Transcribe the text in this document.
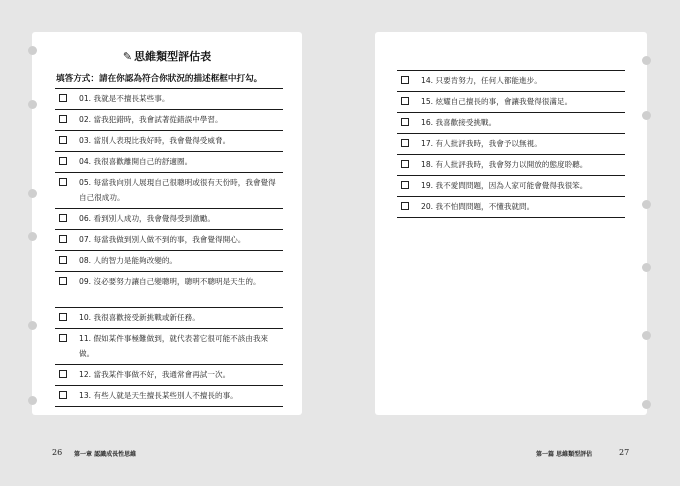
✎ 思維類型評估表
填答方式：請在你認為符合你狀況的描述框框中打勾。
01. 我就是不擅長某些事。
02. 當我犯錯時，我會試著從錯誤中學習。
03. 當別人表現比我好時，我會覺得受威脅。
04. 我很喜歡離開自己的舒適圈。
05. 每當我向別人展現自己很聰明或很有天份時，我會覺得自己很成功。
06. 看到別人成功，我會覺得受到激勵。
07. 每當我做到別人做不到的事，我會覺得開心。
08. 人的智力是能夠改變的。
09. 沒必要努力讓自己變聰明，聰明不聰明是天生的。
10. 我很喜歡接受新挑戰或新任務。
11. 假如某件事極難做到，就代表著它很可能不該由我來做。
12. 當我某件事做不好，我通常會再試一次。
13. 有些人就是天生擅長某些別人不擅長的事。
14. 只要肯努力，任何人都能進步。
15. 炫耀自己擅長的事，會讓我覺得很滿足。
16. 我喜歡接受挑戰。
17. 有人批評我時，我會予以無視。
18. 有人批評我時，我會努力以開放的態度聆聽。
19. 我不愛問問題，因為人家可能會覺得我很笨。
20. 我不怕問問題，不懂我就問。
26 第一章 認識成長性思維	第一篇 思維類型評估	27
